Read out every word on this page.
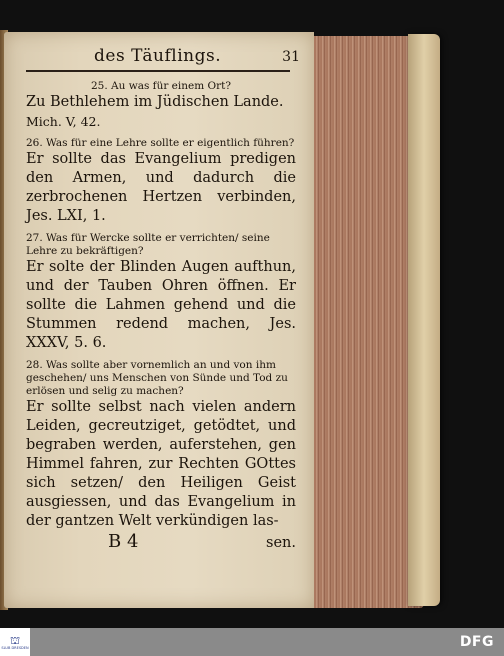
des Täuflings.	31
25. Au was für einem Ort?
Zu Bethlehem im Jüdischen Lande.
Mich. V, 42.
26. Was für eine Lehre sollte er eigentlich führen?
Er sollte das Evangelium predigen den Armen, und dadurch die zerbrochenen Hertzen verbinden, Jes. LXI, 1.
27. Was für Wercke sollte er verrichten/ seine Lehre zu bekräftigen?
Er solte der Blinden Augen aufthun, und der Tauben Ohren öffnen. Er sollte die Lahmen gehend und die Stummen redend machen, Jes. XXXV, 5. 6.
28. Was sollte aber vornemlich an und von ihm geschehen/ uns Menschen von Sünde und Tod zu erlösen und selig zu machen?
Er sollte selbst nach vielen andern Leiden, gecreutziget, getödtet, und begraben werden, auferstehen, gen Himmel fahren, zur Rechten GOttes sich setzen/ den Heiligen Geist ausgiessen, und das Evangelium in der gantzen Welt verkündigen las-
B 4	sen.
⛫
SLUB DRESDEN	DFG
